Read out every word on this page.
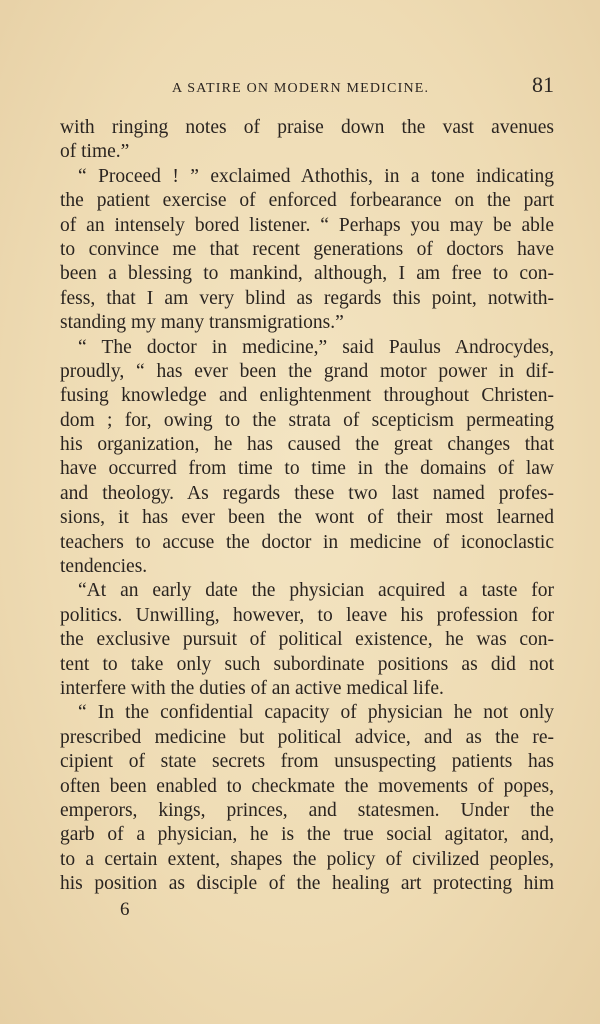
A SATIRE ON MODERN MEDICINE.	81
with ringing notes of praise down the vast avenues
of time.”
“ Proceed ! ” exclaimed Athothis, in a tone indicating
the patient exercise of enforced forbearance on the part
of an intensely bored listener. “ Perhaps you may be able
to convince me that recent generations of doctors have
been a blessing to mankind, although, I am free to con-
fess, that I am very blind as regards this point, notwith-
standing my many transmigrations.”
“ The doctor in medicine,” said Paulus Androcydes,
proudly, “ has ever been the grand motor power in dif-
fusing knowledge and enlightenment throughout Christen-
dom ; for, owing to the strata of scepticism permeating
his organization, he has caused the great changes that
have occurred from time to time in the domains of law
and theology. As regards these two last named profes-
sions, it has ever been the wont of their most learned
teachers to accuse the doctor in medicine of iconoclastic
tendencies.
“At an early date the physician acquired a taste for
politics. Unwilling, however, to leave his profession for
the exclusive pursuit of political existence, he was con-
tent to take only such subordinate positions as did not
interfere with the duties of an active medical life.
“ In the confidential capacity of physician he not only
prescribed medicine but political advice, and as the re-
cipient of state secrets from unsuspecting patients has
often been enabled to checkmate the movements of popes,
emperors, kings, princes, and statesmen. Under the
garb of a physician, he is the true social agitator, and,
to a certain extent, shapes the policy of civilized peoples,
his position as disciple of the healing art protecting him
6
